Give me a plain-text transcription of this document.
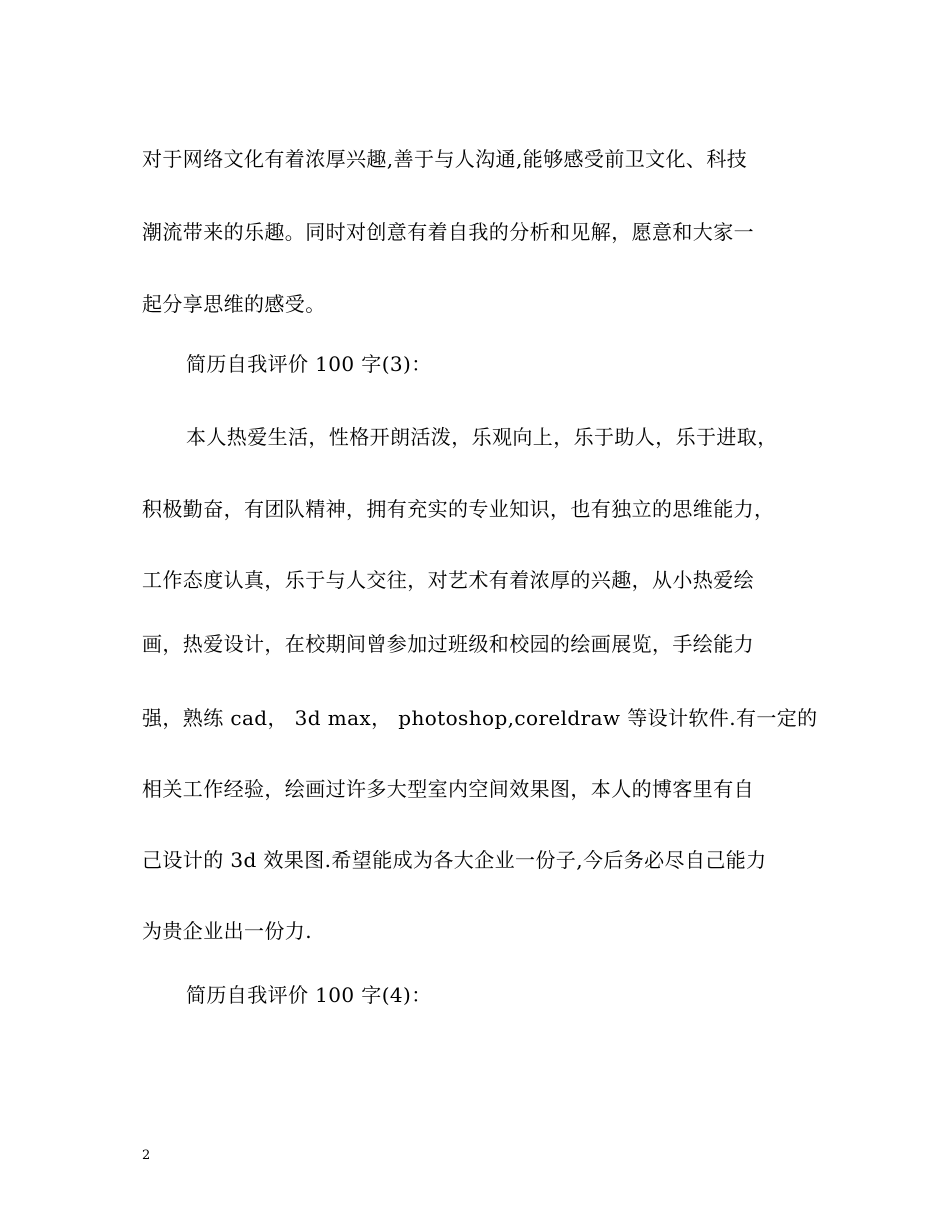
对于网络文化有着浓厚兴趣,善于与人沟通,能够感受前卫文化、科技
潮流带来的乐趣。同时对创意有着自我的分析和见解，愿意和大家一
起分享思维的感受。
简历自我评价 100 字(3)：
本人热爱生活，性格开朗活泼，乐观向上，乐于助人，乐于进取，
积极勤奋，有团队精神，拥有充实的专业知识，也有独立的思维能力，
工作态度认真，乐于与人交往，对艺术有着浓厚的兴趣，从小热爱绘
画，热爱设计，在校期间曾参加过班级和校园的绘画展览，手绘能力
强，熟练 cad， 3d max， photoshop,coreldraw 等设计软件.有一定的
相关工作经验，绘画过许多大型室内空间效果图，本人的博客里有自
己设计的 3d 效果图.希望能成为各大企业一份子,今后务必尽自己能力
为贵企业出一份力.
简历自我评价 100 字(4)：
2
